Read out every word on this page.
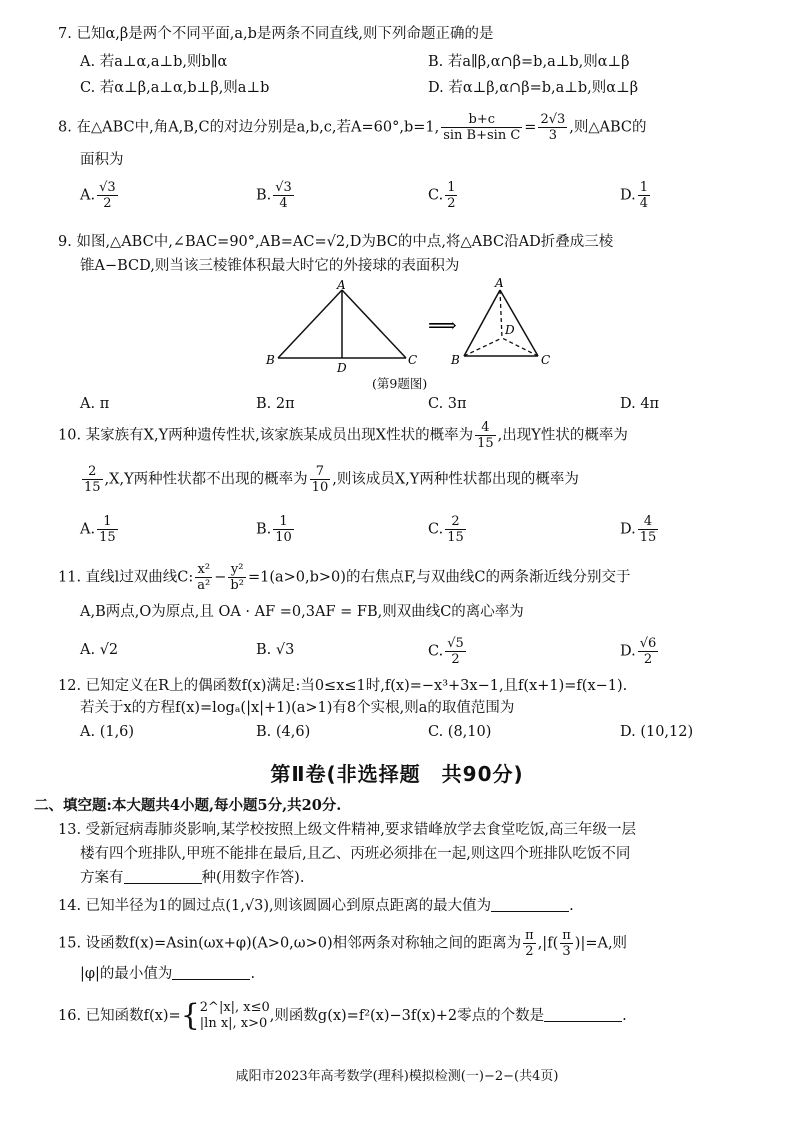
7. 已知α,β是两个不同平面,a,b是两条不同直线,则下列命题正确的是
A. 若a⊥α,a⊥b,则b∥α	B. 若a∥β,α∩β=b,a⊥b,则α⊥β
C. 若α⊥β,a⊥α,b⊥β,则a⊥b	D. 若α⊥β,α∩β=b,a⊥b,则α⊥β
8. 在△ABC中,角A,B,C的对边分别是a,b,c,若A=60°,b=1, $\frac{b+c}{\text{sin B+sin C}} = \frac{2√3}{3}$ ,则△ABC的
面积为
A. $\frac{√3}{2}$	B. $\frac{√3}{4}$	C. $\frac{1}{2}$	D. $\frac{1}{4}$
9. 如图,△ABC中,∠BAC=90°,AB=AC=√2,D为BC的中点,将△ABC沿AD折叠成三棱
锥A−BCD,则当该三棱锥体积最大时它的外接球的表面积为
A
B	C
D
⟹
A
B	C
D
(第9题图)
A. π	B. 2π	C. 3π	D. 4π
10. 某家族有X,Y两种遗传性状,该家族某成员出现X性状的概率为 $\frac{4}{15}$ ,出现Y性状的概率为
$\frac{2}{15} ,X,Y$两种性状都不出现的概率为 $\frac{7}{10}$ ,则该成员X,Y两种性状都出现的概率为
A. $\frac{1}{15}$	B. $\frac{1}{10}$	C. $\frac{2}{15}$	D. $\frac{4}{15}$
11. 直线l过双曲线C: $\frac{\text{x²}}{\text{a²}} - \frac{\text{y²}}{\text{b²}} =1(a>0,b>0)$的右焦点F,与双曲线C的两条渐近线分别交于
A,B两点,O为原点,且 OA · AF =0,3AF = FB,则双曲线C的离心率为
A. √2	B. √3	C. $\frac{√5}{2}$	D. $\frac{√6}{2}$
12. 已知定义在R上的偶函数f(x)满足:当0≤x≤1时,f(x)=−x³+3x−1,且f(x+1)=f(x−1).
若关于x的方程f(x)=logₐ(|x|+1)(a>1)有8个实根,则a的取值范围为
A. (1,6)	B. (4,6)	C. (8,10)	D. (10,12)
第Ⅱ卷(非选择题　共90分)
二、填空题:本大题共4小题,每小题5分,共20分.
13. 受新冠病毒肺炎影响,某学校按照上级文件精神,要求错峰放学去食堂吃饭,高三年级一层
楼有四个班排队,甲班不能排在最后,且乙、丙班必须排在一起,则这四个班排队吃饭不同
方案有	种(用数字作答).
14. 已知半径为1的圆过点(1,√3),则该圆圆心到原点距离的最大值为	.
15. 设函数f(x)=Asin(ωx+φ)(A>0,ω>0)相邻两条对称轴之间的距离为 $\frac{\pi}{2} ,|f( \frac{\pi}{3} )|=A$,则
|φ|的最小值为	.
16. 已知函数f(x)={ 2^|x|, x≤0
|ln x|, x>0 ,则函数g(x)=f²(x)−3f(x)+2零点的个数是	.
咸阳市2023年高考数学(理科)模拟检测(一)−2−(共4页)
